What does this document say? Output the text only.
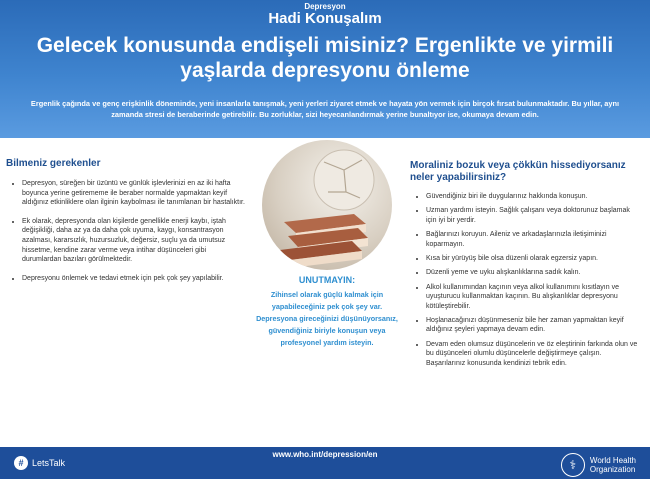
Depresyon
Hadi Konuşalım
Gelecek konusunda endişeli misiniz? Ergenlikte ve yirmili yaşlarda depresyonu önleme
Ergenlik çağında ve genç erişkinlik döneminde, yeni insanlarla tanışmak, yeni yerleri ziyaret etmek ve hayata yön vermek için birçok fırsat bulunmaktadır. Bu yıllar, aynı zamanda stresi de beraberinde getirebilir. Bu zorluklar, sizi heyecanlandırmak yerine bunaltıyor ise, okumaya devam edin.
Bilmeniz gerekenler
• Depresyon, süreğen bir üzüntü ve günlük işlevlerinizi en az iki hafta boyunca yerine getirememe ile beraber normalde yapmaktan keyif aldığınız etkinliklere olan ilginin kaybolması ile tanımlanan bir hastalıktır.
• Ek olarak, depresyonda olan kişilerde genellikle enerji kaybı, iştah değişikliği, daha az ya da daha çok uyuma, kaygı, konsantrasyon azalması, kararsızlık, huzursuzluk, değersiz, suçlu ya da umutsuz hissetme, kendine zarar verme veya intihar düşünceleri gibi durumlardan bazıları görülmektedir.
• Depresyonu önlemek ve tedavi etmek için pek çok şey yapılabilir.	UNUTMAYIN:
Zihinsel olarak güçlü kalmak için yapabileceğiniz pek çok şey var. Depresyona gireceğinizi düşünüyorsanız, güvendiğiniz biriyle konuşun veya profesyonel yardım isteyin.
Moraliniz bozuk veya çökkün hissediyorsanız neler yapabilirsiniz?
• Güvendiğiniz biri ile duygularınız hakkında konuşun.
• Uzman yardımı isteyin. Sağlık çalışanı veya doktorunuz başlamak için iyi bir yerdir.
• Bağlarınızı koruyun. Aileniz ve arkadaşlarınızla iletişiminizi koparmayın.
• Kısa bir yürüyüş bile olsa düzenli olarak egzersiz yapın.
• Düzenli yeme ve uyku alışkanlıklarına sadık kalın.
• Alkol kullanımından kaçının veya alkol kullanımını kısıtlayın ve uyuşturucu kullanmaktan kaçının. Bu alışkanlıklar depresyonu kötüleştirebilir.
• Hoşlanacağınızı düşünmeseniz bile her zaman yapmaktan keyif aldığınız şeyleri yapmaya devam edin.
• Devam eden olumsuz düşüncelerin ve öz eleştirinin farkında olun ve bu düşünceleri olumlu düşüncelerle değiştirmeye çalışın. Başarılarınız konusunda kendinizi tebrik edin.
# LetsTalk
www.who.int/depression/en
⚕	World Health
Organization
